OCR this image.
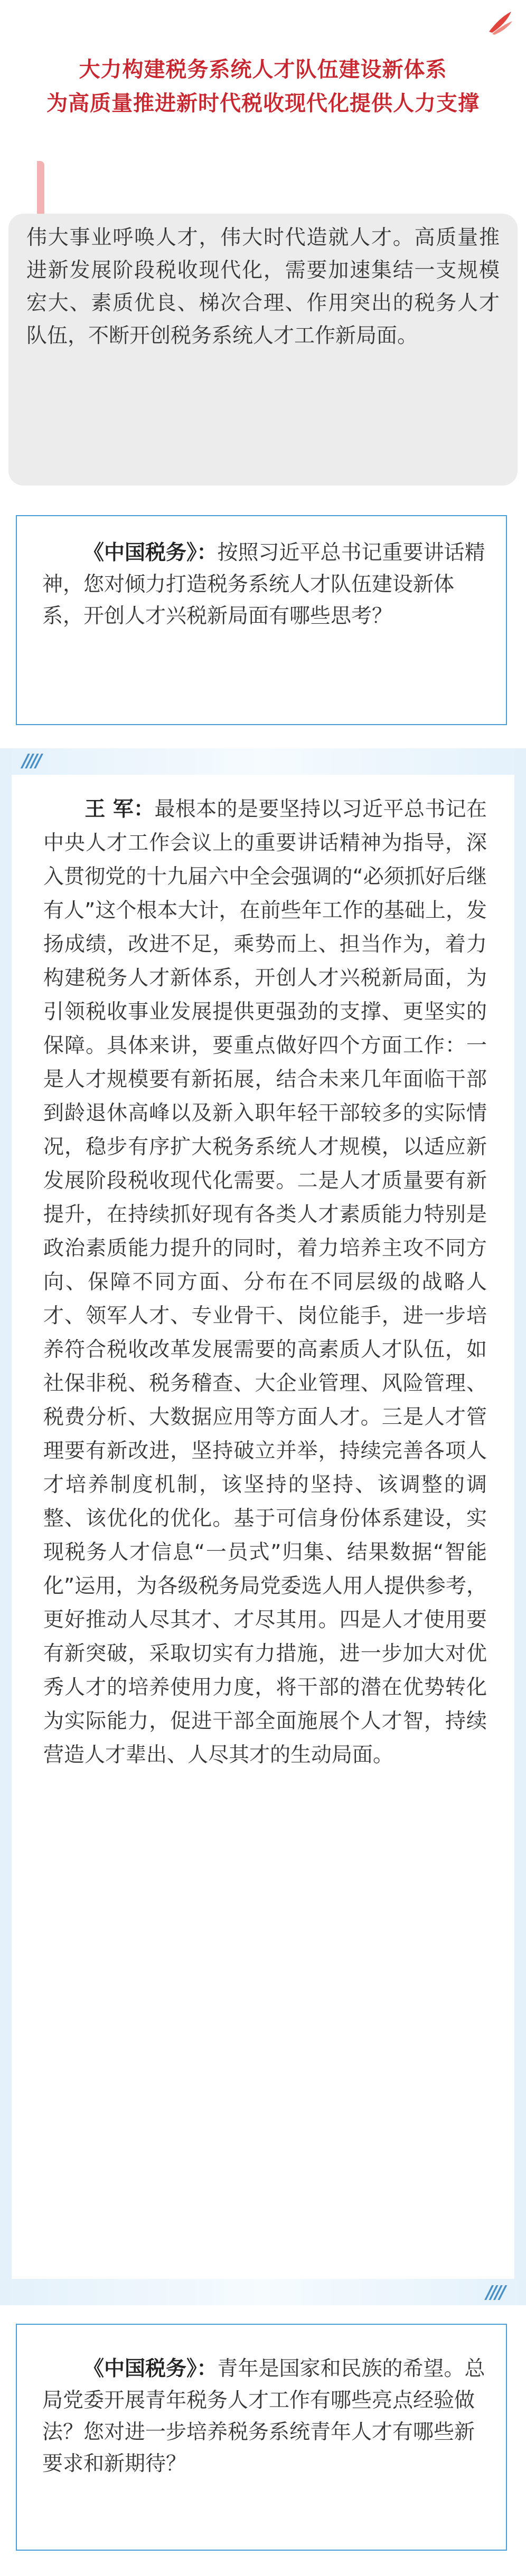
大力构建税务系统人才队伍建设新体系
为高质量推进新时代税收现代化提供人力支撑
伟大事业呼唤人才，伟大时代造就人才。高质量推进新发展阶段税收现代化，需要加速集结一支规模宏大、素质优良、梯次合理、作用突出的税务人才队伍，不断开创税务系统人才工作新局面。
《中国税务》：按照习近平总书记重要讲话精神，您对倾力打造税务系统人才队伍建设新体系，开创人才兴税新局面有哪些思考？
////
////
王 军：最根本的是要坚持以习近平总书记在中央人才工作会议上的重要讲话精神为指导，深入贯彻党的十九届六中全会强调的“必须抓好后继有人”这个根本大计，在前些年工作的基础上，发扬成绩，改进不足，乘势而上、担当作为，着力构建税务人才新体系，开创人才兴税新局面，为引领税收事业发展提供更强劲的支撑、更坚实的保障。具体来讲，要重点做好四个方面工作：一是人才规模要有新拓展，结合未来几年面临干部到龄退休高峰以及新入职年轻干部较多的实际情况，稳步有序扩大税务系统人才规模，以适应新发展阶段税收现代化需要。二是人才质量要有新提升，在持续抓好现有各类人才素质能力特别是政治素质能力提升的同时，着力培养主攻不同方向、保障不同方面、分布在不同层级的战略人才、领军人才、专业骨干、岗位能手，进一步培养符合税收改革发展需要的高素质人才队伍，如社保非税、税务稽查、大企业管理、风险管理、税费分析、大数据应用等方面人才。三是人才管理要有新改进，坚持破立并举，持续完善各项人才培养制度机制，该坚持的坚持、该调整的调整、该优化的优化。基于可信身份体系建设，实现税务人才信息“一员式”归集、结果数据“智能化”运用，为各级税务局党委选人用人提供参考，更好推动人尽其才、才尽其用。四是人才使用要有新突破，采取切实有力措施，进一步加大对优秀人才的培养使用力度，将干部的潜在优势转化为实际能力，促进干部全面施展个人才智，持续营造人才辈出、人尽其才的生动局面。
《中国税务》：青年是国家和民族的希望。总局党委开展青年税务人才工作有哪些亮点经验做法？您对进一步培养税务系统青年人才有哪些新要求和新期待？
